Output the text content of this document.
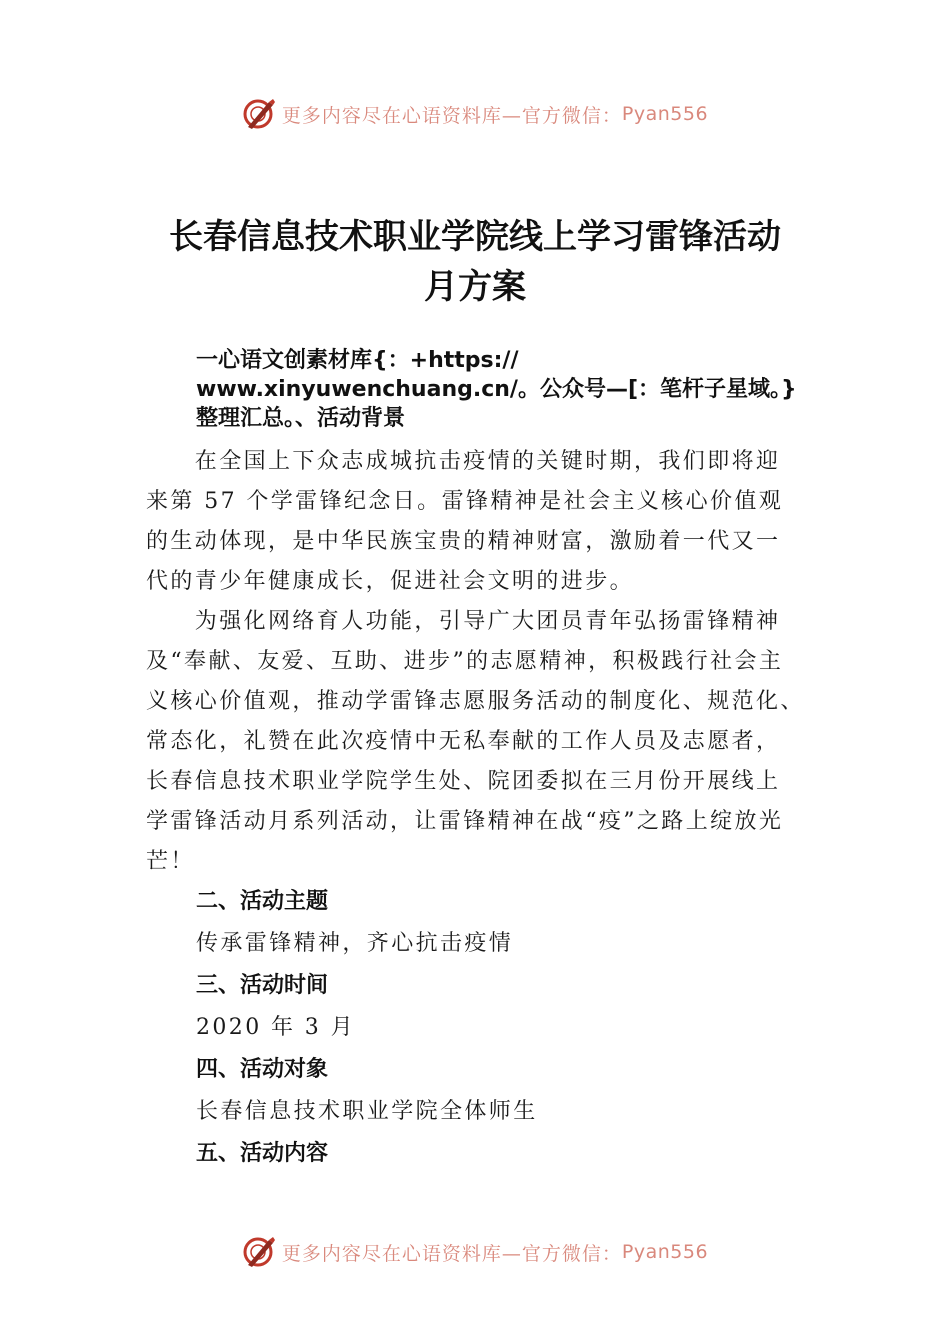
更多内容尽在心语资料库—官方微信： Pyan556
长春信息技术职业学院线上学习雷锋活动
月方案
一心语文创素材库{：+https://
www.xinyuwenchuang.cn/。公众号—[：笔杆子星域。}
整理汇总。、活动背景
　　在全国上下众志成城抗击疫情的关键时期，我们即将迎
来第 57 个学雷锋纪念日。雷锋精神是社会主义核心价值观
的生动体现，是中华民族宝贵的精神财富，激励着一代又一
代的青少年健康成长，促进社会文明的进步。
　　为强化网络育人功能，引导广大团员青年弘扬雷锋精神
及“奉献、友爱、互助、进步”的志愿精神，积极践行社会主
义核心价值观，推动学雷锋志愿服务活动的制度化、规范化、
常态化，礼赞在此次疫情中无私奉献的工作人员及志愿者，
长春信息技术职业学院学生处、院团委拟在三月份开展线上
学雷锋活动月系列活动，让雷锋精神在战“疫”之路上绽放光
芒！
二、活动主题
传承雷锋精神，齐心抗击疫情
三、活动时间
2020 年 3 月
四、活动对象
长春信息技术职业学院全体师生
五、活动内容
更多内容尽在心语资料库—官方微信： Pyan556
